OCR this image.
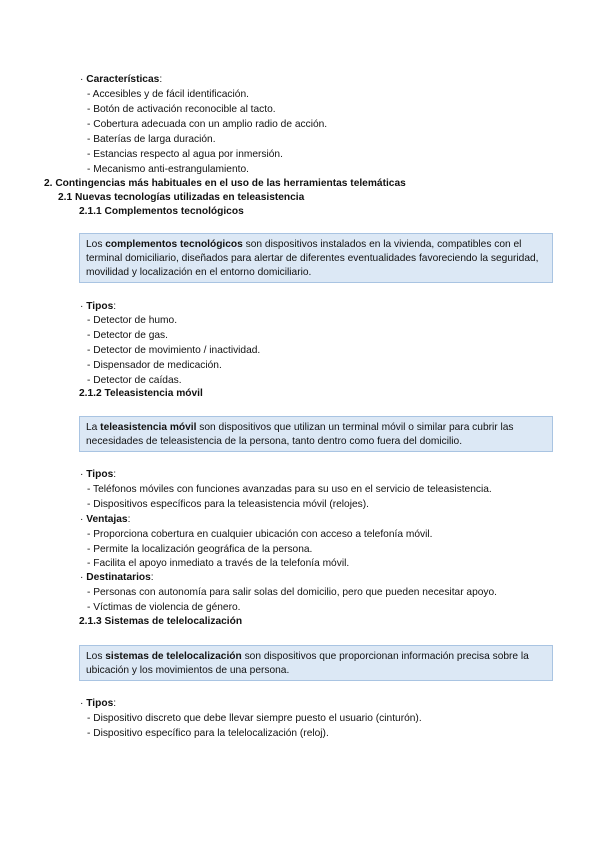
· Características:
- Accesibles y de fácil identificación.
- Botón de activación reconocible al tacto.
- Cobertura adecuada con un amplio radio de acción.
- Baterías de larga duración.
- Estancias respecto al agua por inmersión.
- Mecanismo anti-estrangulamiento.
2. Contingencias más habituales en el uso de las herramientas telemáticas
2.1 Nuevas tecnologías utilizadas en teleasistencia
2.1.1 Complementos tecnológicos

Los complementos tecnológicos son dispositivos instalados en la vivienda, compatibles con el terminal domiciliario, diseñados para alertar de diferentes eventualidades favoreciendo la seguridad, movilidad y localización en el entorno domiciliario.

· Tipos:
- Detector de humo.
- Detector de gas.
- Detector de movimiento / inactividad.
- Dispensador de medicación.
- Detector de caídas.
2.1.2 Teleasistencia móvil

La teleasistencia móvil son dispositivos que utilizan un terminal móvil o similar para cubrir las necesidades de teleasistencia de la persona, tanto dentro como fuera del domicilio.

· Tipos:
- Teléfonos móviles con funciones avanzadas para su uso en el servicio de teleasistencia.
- Dispositivos específicos para la teleasistencia móvil (relojes).
· Ventajas:
- Proporciona cobertura en cualquier ubicación con acceso a telefonía móvil.
- Permite la localización geográfica de la persona.
- Facilita el apoyo inmediato a través de la telefonía móvil.
· Destinatarios:
- Personas con autonomía para salir solas del domicilio, pero que pueden necesitar apoyo.
- Víctimas de violencia de género.
2.1.3 Sistemas de telelocalización

Los sistemas de telelocalización son dispositivos que proporcionan información precisa sobre la ubicación y los movimientos de una persona.

· Tipos:
- Dispositivo discreto que debe llevar siempre puesto el usuario (cinturón).
- Dispositivo específico para la telelocalización (reloj).
